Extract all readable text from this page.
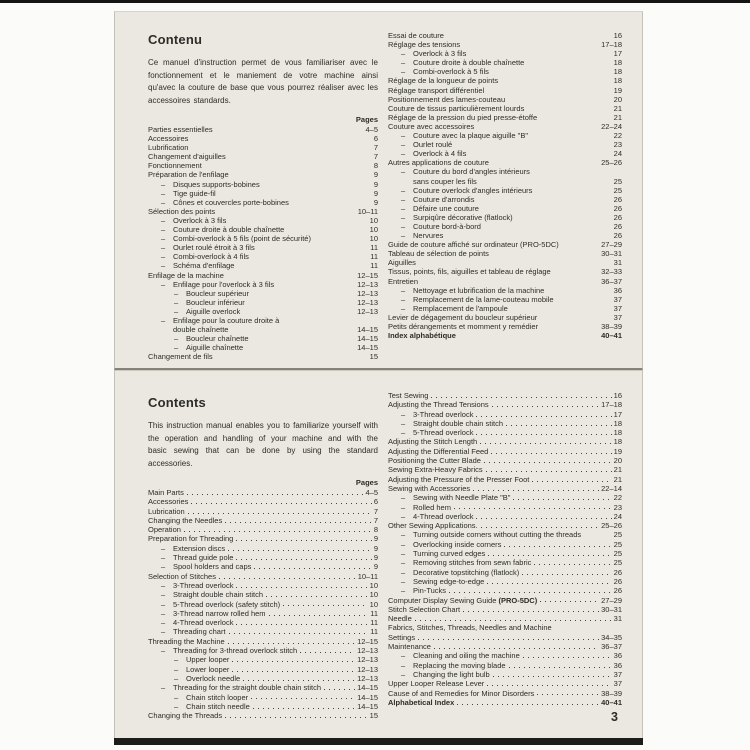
Contenu

Ce manuel d'instruction permet de vous familiariser avec le fonctionnement et le maniement de votre machine ainsi qu'avec la couture de base que vous pourrez réaliser avec les accessoires standards.

Pages
Parties essentielles	4–5
Accessoires	6
Lubrification	7
Changement d'aiguilles	7
Fonctionnement	8
Préparation de l'enfilage	9
–	Disques supports-bobines	9
–	Tige guide-fil	9
–	Cônes et couvercles porte-bobines	9
Sélection des points	10–11
–	Overlock à 3 fils	10
–	Couture droite à double chaînette	10
–	Combi-overlock à 5 fils (point de sécurité)	10
–	Ourlet roulé étroit à 3 fils	11
–	Combi-overlock à 4 fils	11
–	Schéma d'enfilage	11
Enfilage de la machine	12–15
–	Enfilage pour l'overlock à 3 fils	12–13
–	Boucleur supérieur	12–13
–	Boucleur inférieur	12–13
–	Aiguille overlock	12–13
–	Enfilage pour la couture droite à
double chaînette	14–15
–	Boucleur chaînette	14–15
–	Aiguille chaînette	14–15
Changement de fils	15
Essai de couture	16
Réglage des tensions	17–18
–	Overlock à 3 fils	17
–	Couture droite à double chaînette	18
–	Combi-overlock à 5 fils	18
Réglage de la longueur de points	18
Réglage transport différentiel	19
Positionnement des lames-couteau	20
Couture de tissus particulièrement lourds	21
Réglage de la pression du pied presse-étoffe	21
Couture avec accessoires	22–24
–	Couture avec la plaque aiguille "B"	22
–	Ourlet roulé	23
–	Overlock à 4 fils	24
Autres applications de couture	25–26
–	Couture du bord d'angles intérieurs
sans couper les fils	25
–	Couture overlock d'angles intérieurs	25
–	Couture d'arrondis	26
–	Défaire une couture	26
–	Surpiqûre décorative (flatlock)	26
–	Couture bord-à-bord	26
–	Nervures	26
Guide de couture affiché sur ordinateur (PRO-5DC)	27–29
Tableau de sélection de points	30–31
Aiguilles	31
Tissus, points, fils, aiguilles et tableau de réglage	32–33
Entretien	36–37
–	Nettoyage et lubrification de la machine	36
–	Remplacement de la lame-couteau mobile	37
–	Remplacement de l'ampoule	37
Levier de dégagement du boucleur supérieur	37
Petits dérangements et momment y remédier	38–39
Index alphabétique	40–41
Contents

This instruction manual enables you to familiarize yourself with the operation and handling of your machine and with the basic sewing that can be done by using the standard accessories.

Pages
Main Parts	4–5
Accessories	6
Lubrication	7
Changing the Needles	7
Operation	8
Preparation for Threading	9
–	Extension discs	9
–	Thread guide pole	9
–	Spool holders and caps	9
Selection of Stitches	10–11
–	3-Thread overlock	10
–	Straight double chain stitch	10
–	5-Thread overlock (safety stitch)	10
–	3-Thread narrow rolled hem	11
–	4-Thread overlock	11
–	Threading chart	11
Threading the Machine	12–15
–	Threading for 3-thread overlock stitch	12–13
–	Upper looper	12–13
–	Lower looper	12–13
–	Overlock needle	12–13
–	Threading for the straight double chain stitch	14–15
–	Chain stitch looper	14–15
–	Chain stitch needle	14–15
Changing the Threads	15
Test Sewing	16
Adjusting the Thread Tensions	17–18
–	3-Thread overlock	17
–	Straight double chain stitch	18
–	5-Thread overlock	18
Adjusting the Stitch Length	18
Adjusting the Differential Feed	19
Positioning the Cutter Blade	20
Sewing Extra-Heavy Fabrics	21
Adjusting the Pressure of the Presser Foot	21
Sewing with Accessories	22–14
–	Sewing with Needle Plate "B"	22
–	Rolled hem	23
–	4-Thread overlock	24
Other Sewing Applications.	25–26
–	Turning outside corners without cutting the threads	25
–	Overlocking inside corners	25
–	Turning curved edges	25
–	Removing stitches from sewn fabric	25
–	Decorative topstitching (flatlock)	26
–	Sewing edge-to-edge	26
–	Pin-Tucks	26
Computer Display Sewing Guide (PRO-5DC)	27–29
Stitch Selection Chart	30–31
Needle	31
Fabrics, Stitches, Threads, Needles and Machine
Settings	34–35
Maintenance	36–37
–	Cleaning and oiling the machine	36
–	Replacing the moving blade	36
–	Changing the light bulb	37
Upper Looper Release Lever	37
Cause of and Remedies for Minor Disorders	38–39
Alphabetical Index	40–41
3
